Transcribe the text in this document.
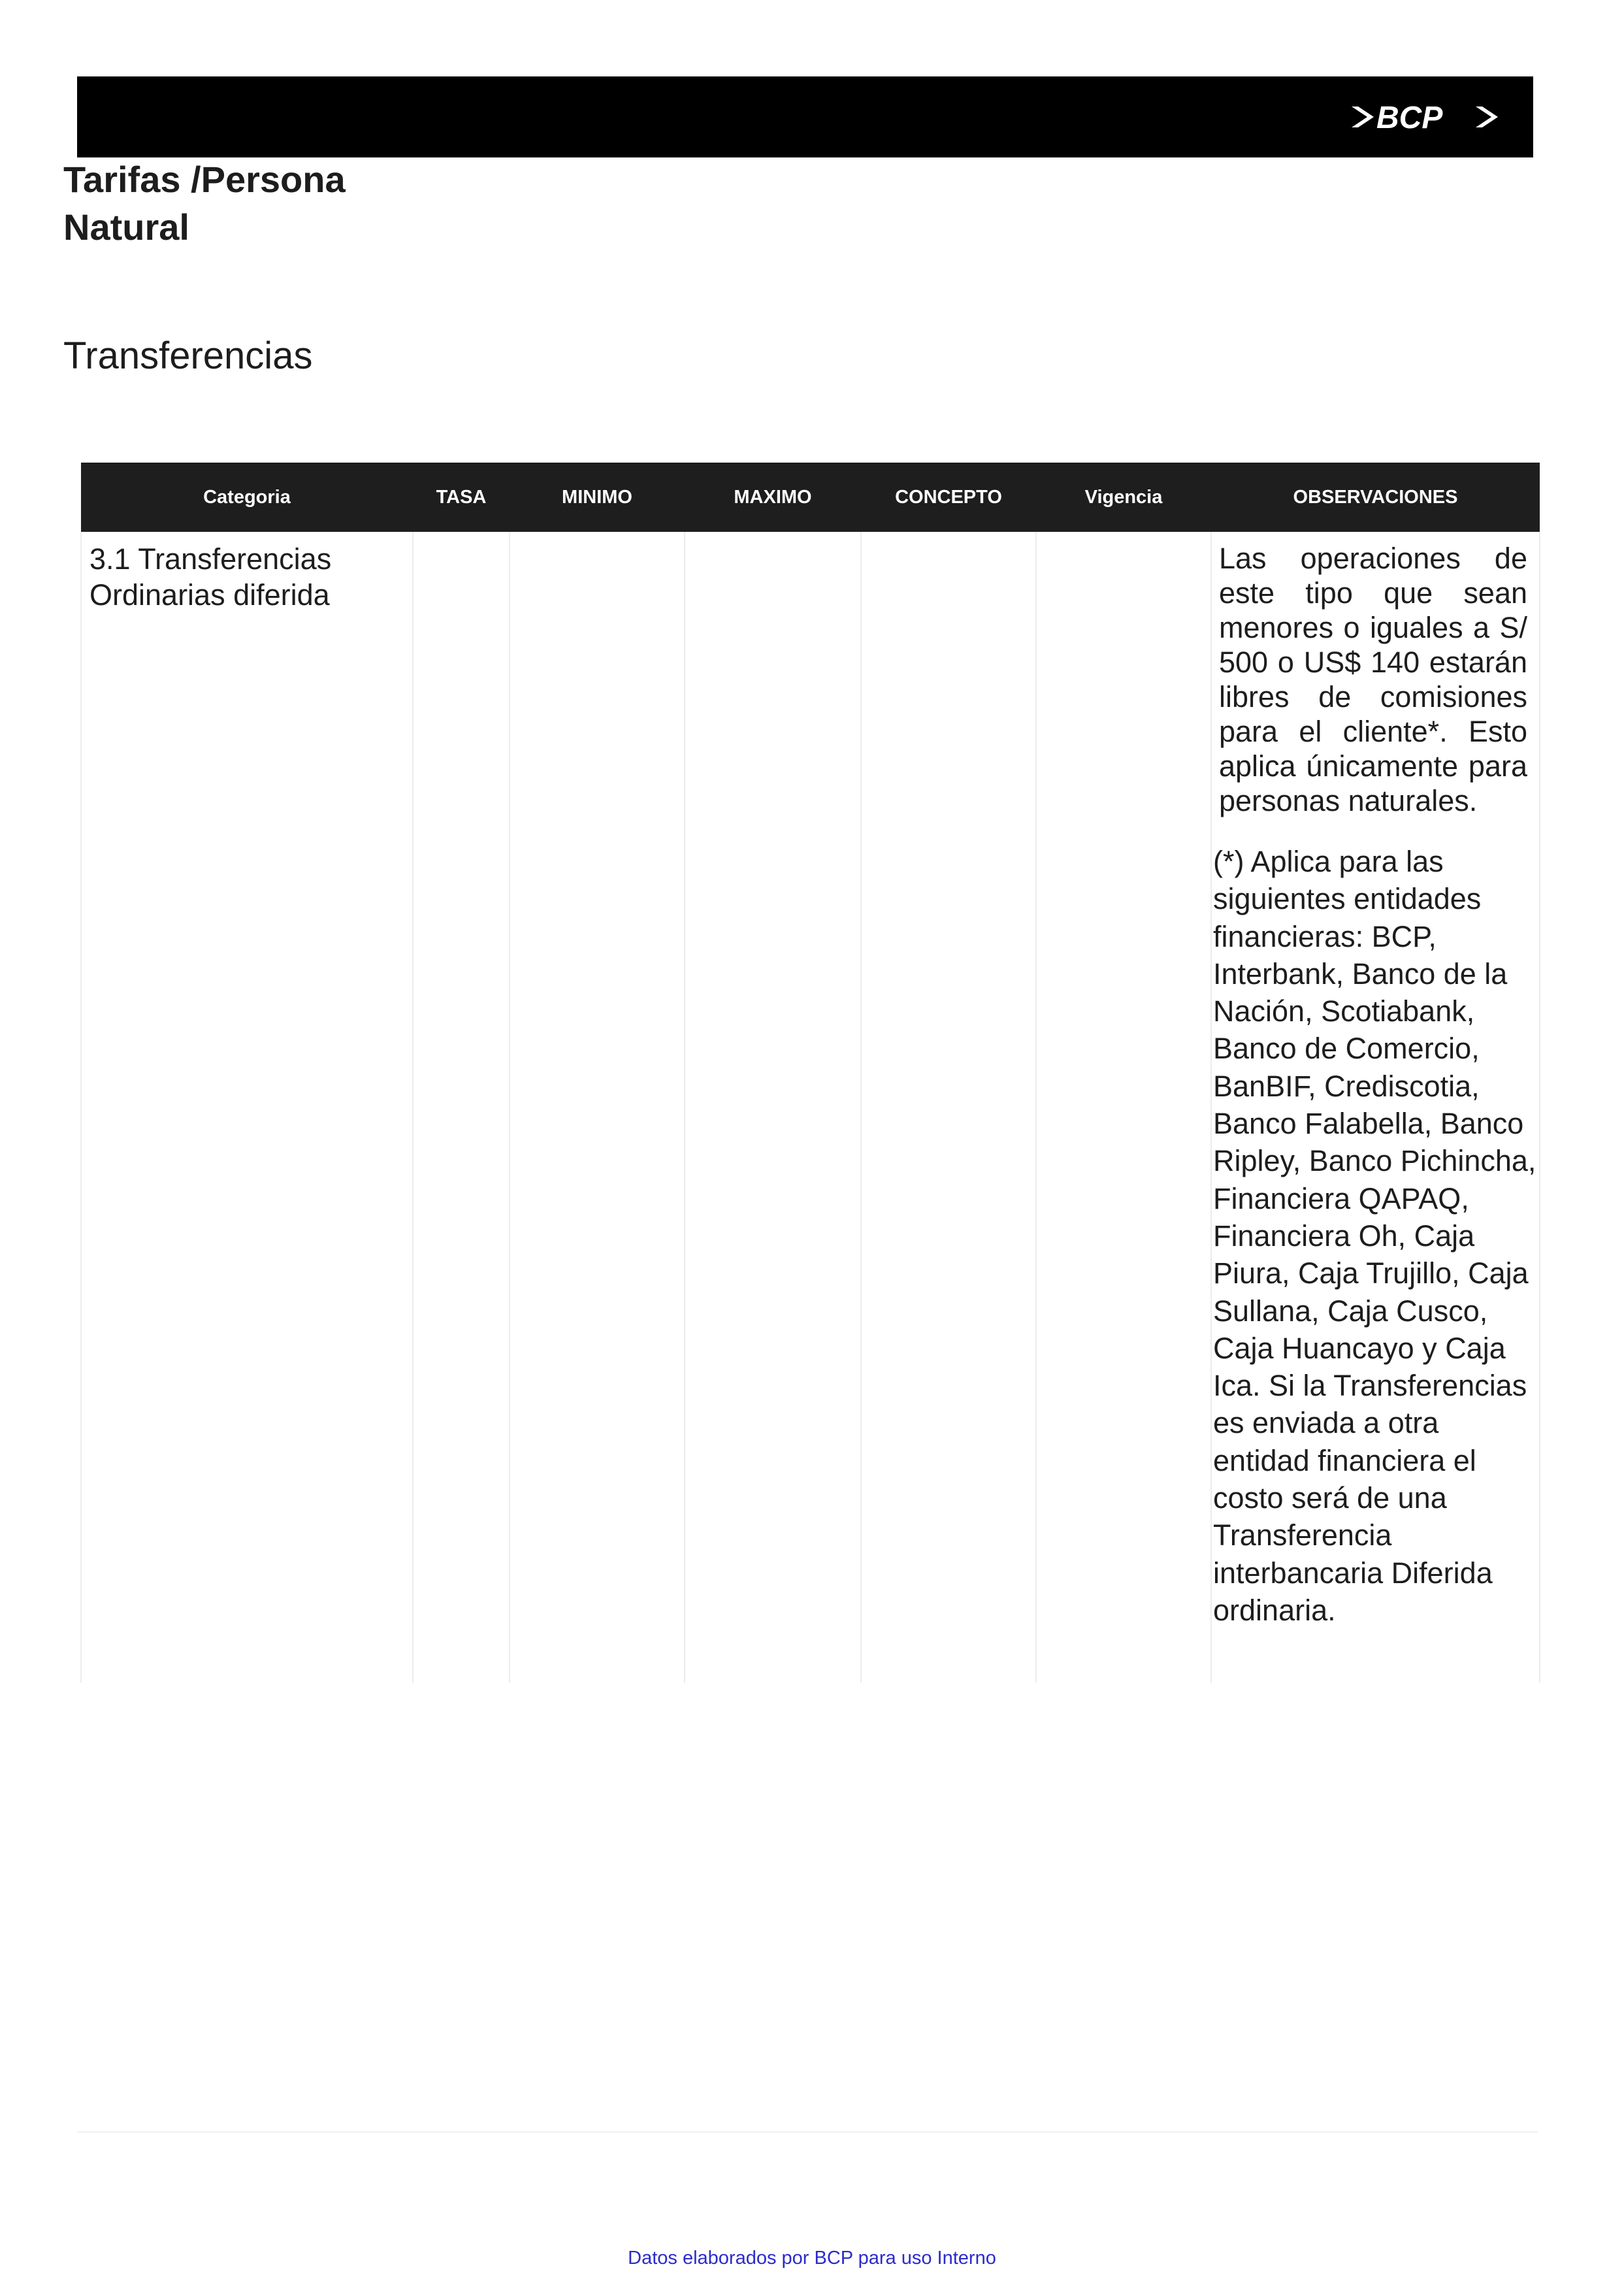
BCP
Tarifas /Persona
Natural
Transferencias
Categoria	TASA	MINIMO	MAXIMO	CONCEPTO	Vigencia	OBSERVACIONES

3.1 Transferencias Ordinarias diferida						Las operaciones de este tipo que sean menores o iguales a S/ 500 o US$ 140 estarán libres de comisiones para el cliente*. Esto aplica únicamente para personas naturales.
(*) Aplica para las siguientes entidades financieras: BCP, Interbank, Banco de la Nación, Scotiabank, Banco de Comercio, BanBIF, Crediscotia, Banco Falabella, Banco Ripley, Banco Pichincha, Financiera QAPAQ, Financiera Oh, Caja Piura, Caja Trujillo, Caja Sullana, Caja Cusco, Caja Huancayo y Caja Ica. Si la Transferencias es enviada a otra entidad financiera el costo será de una Transferencia interbancaria Diferida ordinaria.
Datos elaborados por BCP para uso Interno
